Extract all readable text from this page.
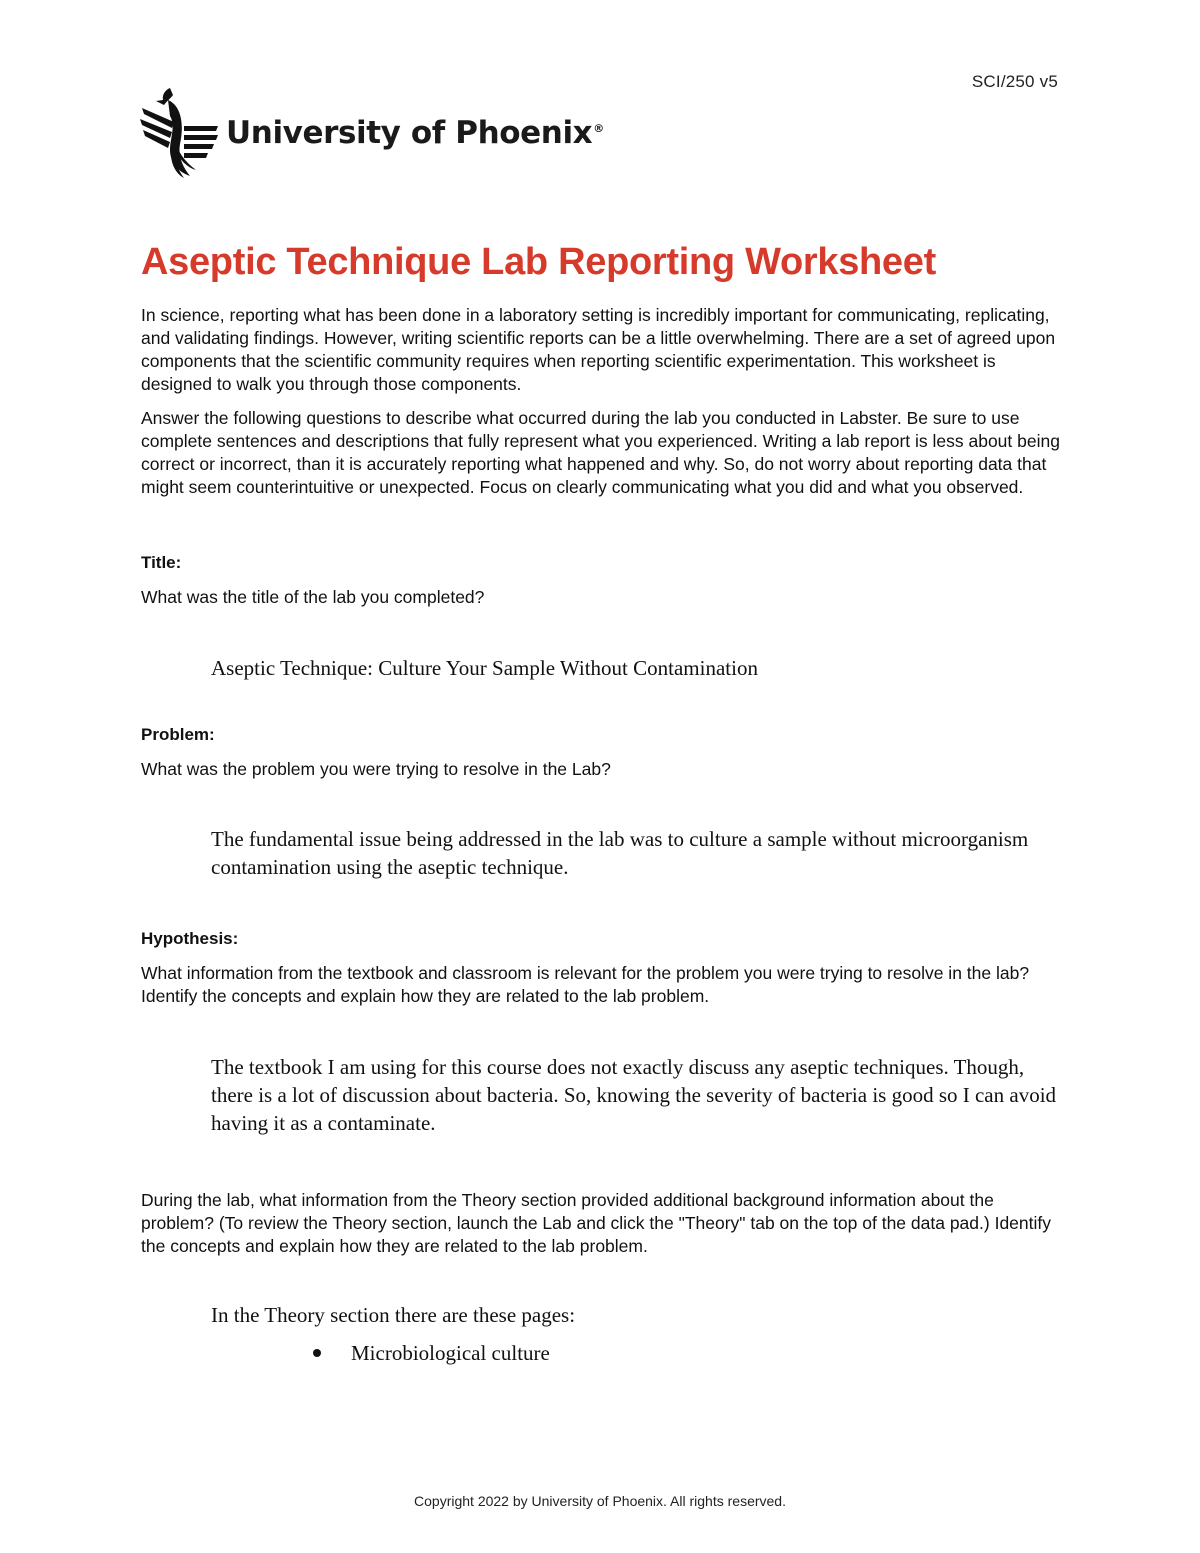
SCI/250 v5
University of Phoenix®
Aseptic Technique Lab Reporting Worksheet

In science, reporting what has been done in a laboratory setting is incredibly important for communicating, replicating, and validating findings. However, writing scientific reports can be a little overwhelming. There are a set of agreed upon components that the scientific community requires when reporting scientific experimentation. This worksheet is designed to walk you through those components.

Answer the following questions to describe what occurred during the lab you conducted in Labster. Be sure to use complete sentences and descriptions that fully represent what you experienced. Writing a lab report is less about being correct or incorrect, than it is accurately reporting what happened and why. So, do not worry about reporting data that might seem counterintuitive or unexpected. Focus on clearly communicating what you did and what you observed.

Title:

What was the title of the lab you completed?

Aseptic Technique: Culture Your Sample Without Contamination

Problem:

What was the problem you were trying to resolve in the Lab?

The fundamental issue being addressed in the lab was to culture a sample without microorganism contamination using the aseptic technique.

Hypothesis:

What information from the textbook and classroom is relevant for the problem you were trying to resolve in the lab? Identify the concepts and explain how they are related to the lab problem.

The textbook I am using for this course does not exactly discuss any aseptic techniques. Though, there is a lot of discussion about bacteria. So, knowing the severity of bacteria is good so I can avoid having it as a contaminate.

During the lab, what information from the Theory section provided additional background information about the problem? (To review the Theory section, launch the Lab and click the "Theory" tab on the top of the data pad.) Identify the concepts and explain how they are related to the lab problem.

In the Theory section there are these pages:

Microbiological culture
Copyright 2022 by University of Phoenix. All rights reserved.
